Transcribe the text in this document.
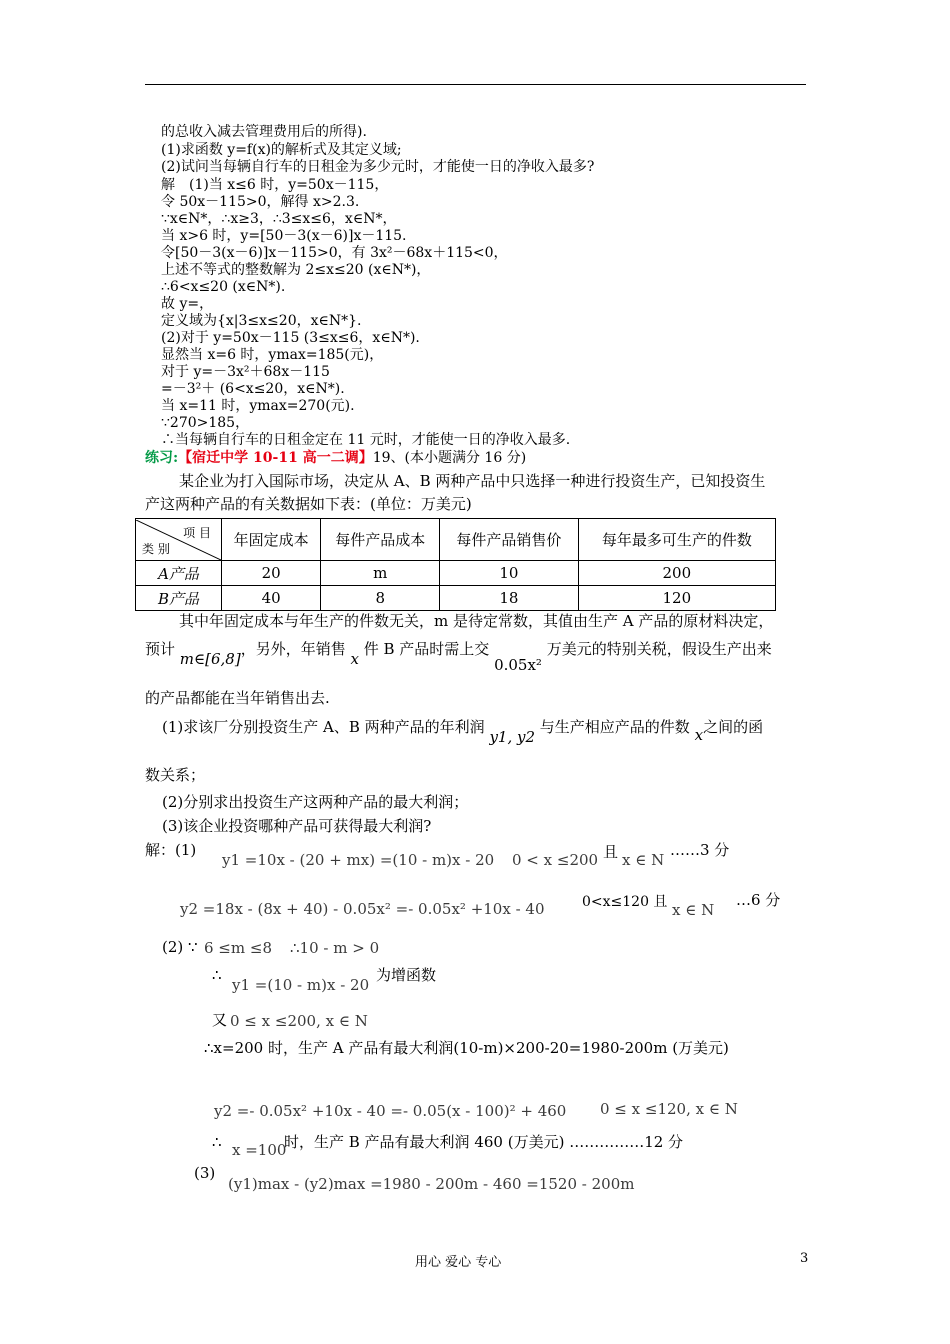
的总收入减去管理费用后的所得).
(1)求函数 y=f(x)的解析式及其定义域;
(2)试问当每辆自行车的日租金为多少元时，才能使一日的净收入最多?
解　(1)当 x≤6 时，y=50x－115，
令 50x－115>0，解得 x>2.3.
∵x∈N*，∴x≥3，∴3≤x≤6，x∈N*，
当 x>6 时，y=[50－3(x－6)]x－115.
令[50－3(x－6)]x－115>0，有 3x²－68x＋115<0，
上述不等式的整数解为 2≤x≤20 (x∈N*)，
∴6<x≤20 (x∈N*).
故 y=，
定义域为{x|3≤x≤20，x∈N*}.
(2)对于 y=50x－115 (3≤x≤6，x∈N*).
显然当 x=6 时，ymax=185(元)，
对于 y=－3x²＋68x－115
=－3²＋ (6<x≤20，x∈N*).
当 x=11 时，ymax=270(元).
∵270>185，
∴当每辆自行车的日租金定在 11 元时，才能使一日的净收入最多.
练习:【宿迁中学 10-11 高一二调】19、(本小题满分 16 分)
某企业为打入国际市场，决定从 A、B 两种产品中只选择一种进行投资生产，已知投资生
产这两种产品的有关数据如下表：(单位：万美元)
项 目
类 别	年固定成本	每件产品成本	每件产品销售价	每年最多可生产的件数
A产品	20	m	10	200
B产品	40	8	18	120
其中年固定成本与年生产的件数无关，m 是待定常数，其值由生产 A 产品的原材料决定，
预计 m∈[6,8]，另外，年销售 x 件 B 产品时需上交 0.05x² 万美元的特别关税，假设生产出来
的产品都能在当年销售出去.
(1)求该厂分别投资生产 A、B 两种产品的年利润 y1, y2 与生产相应产品的件数 x之间的函
数关系；
(2)分别求出投资生产这两种产品的最大利润；
(3)该企业投资哪种产品可获得最大利润?
解：(1)
y1 =10x - (20 + mx) =(10 - m)x - 20 0 < x ≤200 且 x ∈ N
……3 分
y2 =18x - (8x + 40) - 0.05x² =- 0.05x² +10x - 40	0<x≤120 且 x ∈ N
…6 分
(2) ∵ 6 ≤m ≤8 ∴10 - m > 0
∴
y1 =(10 - m)x - 20
为增函数
又 0 ≤ x ≤200, x ∈ N
∴x=200 时，生产 A 产品有最大利润(10-m)×200-20=1980-200m (万美元)
y2 =- 0.05x² +10x - 40 =- 0.05(x - 100)² + 460 0 ≤ x ≤120, x ∈ N
∴ x =100
时，生产 B 产品有最大利润 460 (万美元) ……………12 分
(3)
(y1)max - (y2)max =1980 - 200m - 460 =1520 - 200m
用心 爱心 专心	3
